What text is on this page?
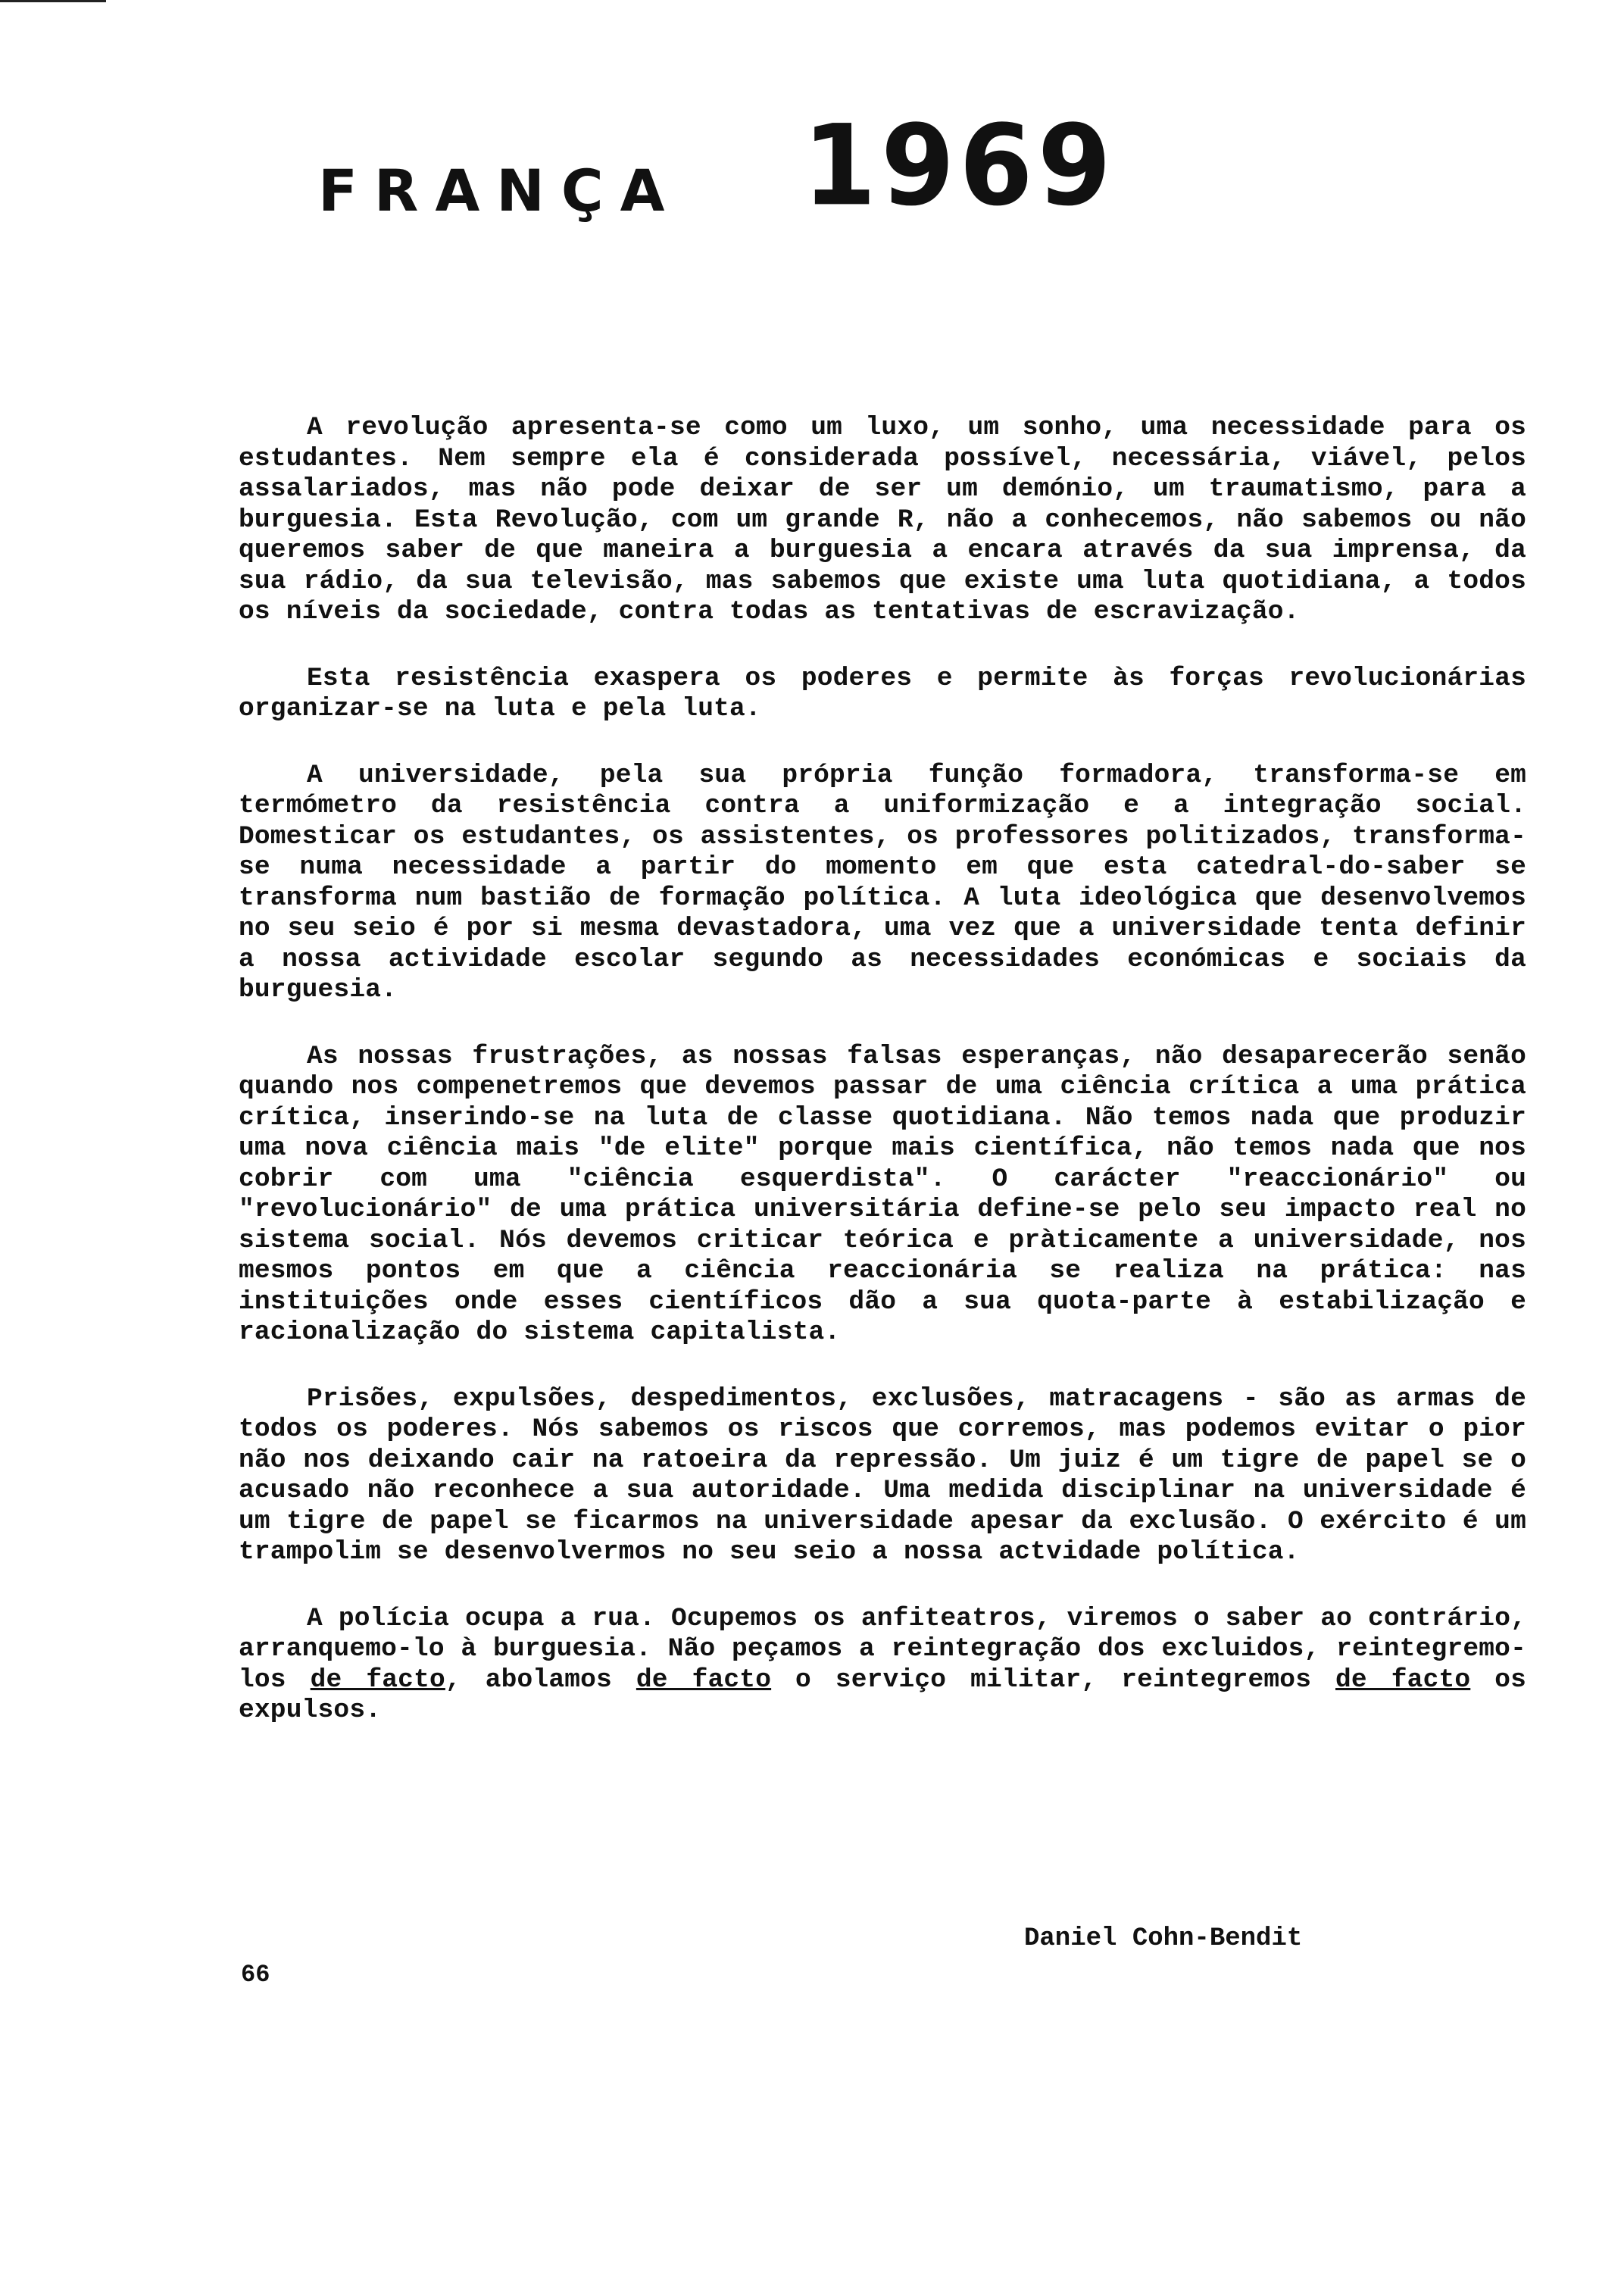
FRANÇA 1969

A revolução apresenta-se como um luxo, um sonho, uma necessidade para os estudantes. Nem sempre ela é considerada possível, necessária, viável, pelos assalariados, mas não pode deixar de ser um demónio, um traumatismo, para a burguesia. Esta Revolução, com um grande R, não a conhecemos, não sabemos ou não queremos saber de que maneira a burguesia a encara através da sua imprensa, da sua rádio, da sua televisão, mas sabemos que existe uma luta quotidiana, a todos os níveis da sociedade, contra todas as tentativas de escravização.

Esta resistência exaspera os poderes e permite às forças revolucionárias organizar-se na luta e pela luta.

A universidade, pela sua própria função formadora, transforma-se em termómetro da resistência contra a uniformização e a integração social. Domesticar os estudantes, os assistentes, os professores politizados, transforma-se numa necessidade a partir do momento em que esta catedral-do-saber se transforma num bastião de formação política. A luta ideológica que desenvolvemos no seu seio é por si mesma devastadora, uma vez que a universidade tenta definir a nossa actividade escolar segundo as necessidades económicas e sociais da burguesia.

As nossas frustrações, as nossas falsas esperanças, não desaparecerão senão quando nos compenetremos que devemos passar de uma ciência crítica a uma prática crítica, inserindo-se na luta de classe quotidiana. Não temos nada que produzir uma nova ciência mais "de elite" porque mais científica, não temos nada que nos cobrir com uma "ciência esquerdista". O carácter "reaccionário" ou "revolucionário" de uma prática universitária define-se pelo seu impacto real no sistema social. Nós devemos criticar teórica e pràticamente a universidade, nos mesmos pontos em que a ciência reaccionária se realiza na prática: nas instituições onde esses científicos dão a sua quota-parte à estabilização e racionalização do sistema capitalista.

Prisões, expulsões, despedimentos, exclusões, matracagens - são as armas de todos os poderes. Nós sabemos os riscos que corremos, mas podemos evitar o pior não nos deixando cair na ratoeira da repressão. Um juiz é um tigre de papel se o acusado não reconhece a sua autoridade. Uma medida disciplinar na universidade é um tigre de papel se ficarmos na universidade apesar da exclusão. O exército é um trampolim se desenvolvermos no seu seio a nossa actvidade política.

A polícia ocupa a rua. Ocupemos os anfiteatros, viremos o saber ao contrário, arranquemo-lo à burguesia. Não peçamos a reintegração dos excluidos, reintegremo-los de facto, abolamos de facto o serviço militar, reintegremos de facto os expulsos.

Daniel Cohn-Bendit
66
